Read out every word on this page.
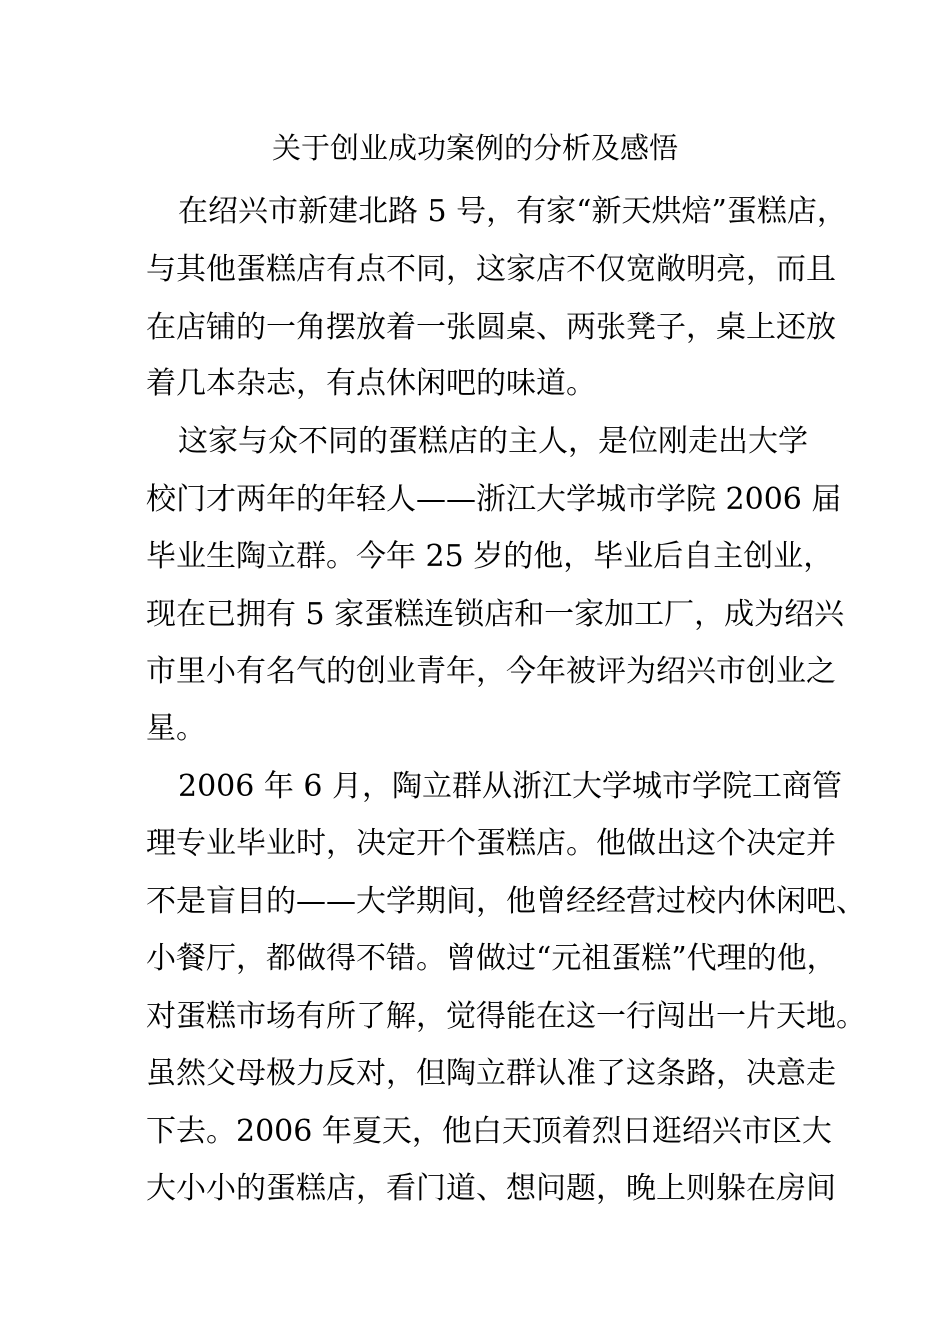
关于创业成功案例的分析及感悟
在绍兴市新建北路 5 号，有家“新天烘焙”蛋糕店，
与其他蛋糕店有点不同，这家店不仅宽敞明亮，而且
在店铺的一角摆放着一张圆桌、两张凳子，桌上还放
着几本杂志，有点休闲吧的味道。
这家与众不同的蛋糕店的主人，是位刚走出大学
校门才两年的年轻人——浙江大学城市学院 2006 届
毕业生陶立群。今年 25 岁的他，毕业后自主创业，
现在已拥有 5 家蛋糕连锁店和一家加工厂，成为绍兴
市里小有名气的创业青年，今年被评为绍兴市创业之
星。
2006 年 6 月，陶立群从浙江大学城市学院工商管
理专业毕业时，决定开个蛋糕店。他做出这个决定并
不是盲目的——大学期间，他曾经经营过校内休闲吧、
小餐厅，都做得不错。曾做过“元祖蛋糕”代理的他，
对蛋糕市场有所了解，觉得能在这一行闯出一片天地。
虽然父母极力反对，但陶立群认准了这条路，决意走
下去。2006 年夏天，他白天顶着烈日逛绍兴市区大
大小小的蛋糕店，看门道、想问题，晚上则躲在房间
